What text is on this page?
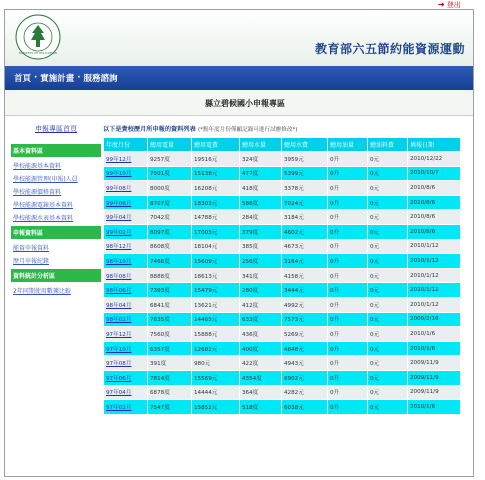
➜ 登出
MINISTRY OF EDUCATION	教育部六五節約能資源運動
首頁 · 實施計畫 · 服務諮詢
縣立碧候國小申報專區
申報專區首頁
基本資料區
學校能源基本資料
學校能源管理(申報)人員
學校能源價格資料
學校能源電錶基本資料
學校能源水表基本資料
申報資料區
能資申報資料
歷月申報紀錄
資料統計分析區
2年同期使用數據比較
以下是貴校歷月所申報的資料列表 (*點年度月份僅顯記錄可進行試辦修改*)
年度月份	總用電量	總用電費	總用水量	總用水費	總用油量	總油料費	填報日期
99年12月	9257度	19516元	324度	3959元	0升	0元	2010/12/22
99年10月	7501度	15138元	477度	5399元	0升	0元	2010/10/7
99年08月	8000度	16208元	418度	3378元	0升	0元	2010/8/6
99年06月	8707度	18303元	586度	7024元	0升	0元	2010/8/6
99年04月	7042度	14788元	284度	3184元	0升	0元	2010/8/6
99年02月	8097度	17003元	379度	4602元	0升	0元	2010/8/6
98年12月	8608度	18104元	385度	4673元	0升	0元	2010/1/12
98年10月	7466度	15609元	256度	3164元	0升	0元	2010/1/12
98年08月	8888度	18613元	341度	4158元	0升	0元	2010/1/12
98年06月	7393度	15479元	280度	3444元	0升	0元	2010/1/12
98年04月	6841度	13621元	412度	4992元	0升	0元	2010/1/12
98年02月	7635度	14465元	633度	7573元	0升	0元	2009/2/16
97年12月	7560度	15888元	436度	5269元	0升	0元	2010/1/6
97年10月	6357度	12682元	400度	4848元	0升	0元	2010/1/6
97年08月	391度	980元	422度	4943元	0升	0元	2009/11/9
97年06月	7814度	15569元	4354度	6902元	0升	0元	2009/11/9
97年04月	6878度	14444元	364度	4282元	0升	0元	2009/11/9
97年02月	7547度	15852元	518度	6038元	0升	0元	2010/1/6
